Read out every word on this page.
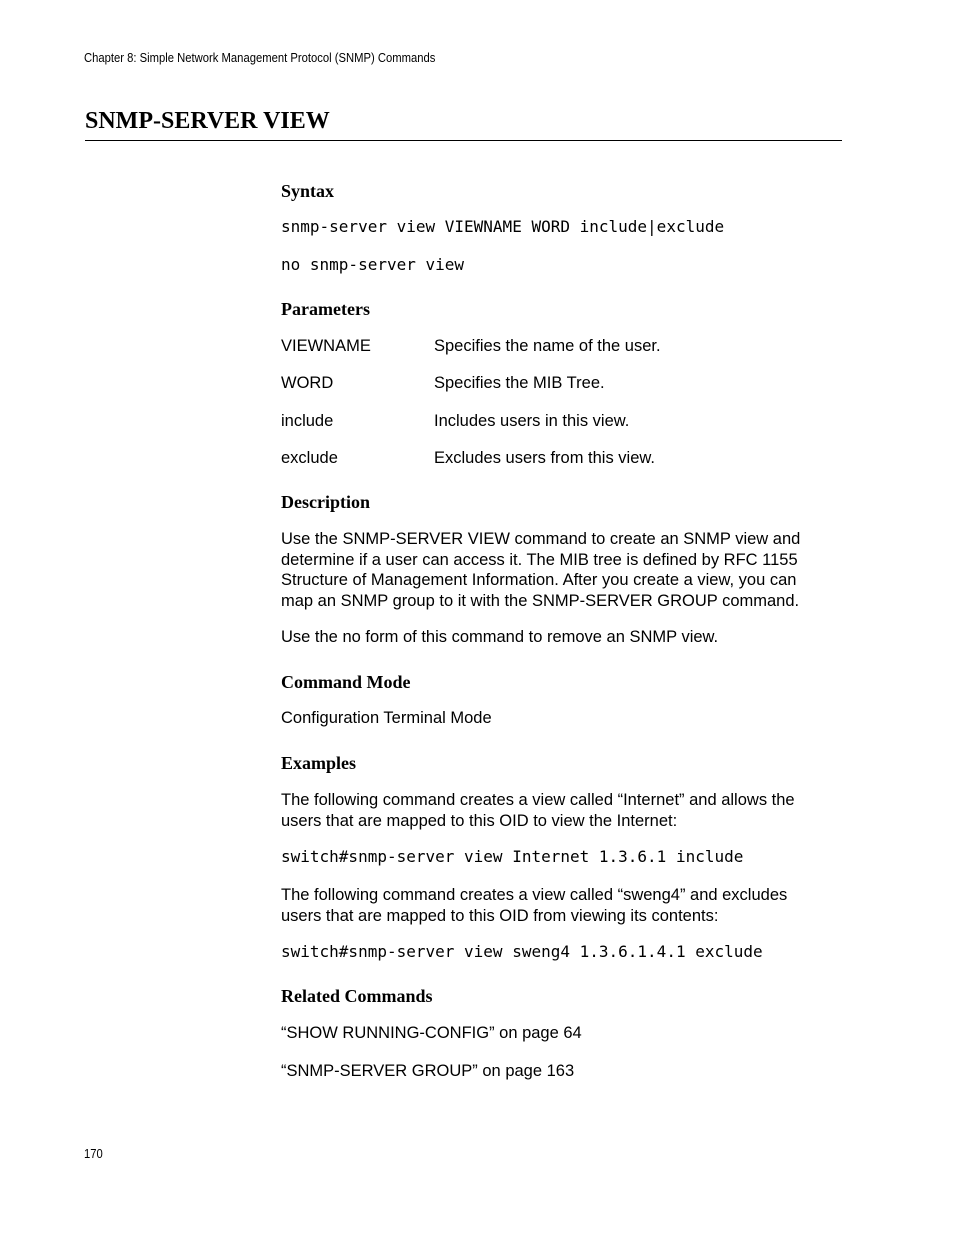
Chapter 8: Simple Network Management Protocol (SNMP) Commands
SNMP-SERVER VIEW
Syntax
snmp-server view VIEWNAME WORD include|exclude
no snmp-server view
Parameters
VIEWNAME	Specifies the name of the user.
WORD	Specifies the MIB Tree.
include	Includes users in this view.
exclude	Excludes users from this view.
Description

Use the SNMP-SERVER VIEW command to create an SNMP view and determine if a user can access it. The MIB tree is defined by RFC 1155 Structure of Management Information. After you create a view, you can map an SNMP group to it with the SNMP-SERVER GROUP command.

Use the no form of this command to remove an SNMP view.

Command Mode

Configuration Terminal Mode

Examples

The following command creates a view called “Internet” and allows the users that are mapped to this OID to view the Internet:

switch#snmp-server view Internet 1.3.6.1 include

The following command creates a view called “sweng4” and excludes users that are mapped to this OID from viewing its contents:

switch#snmp-server view sweng4 1.3.6.1.4.1 exclude
Related Commands

“SHOW RUNNING-CONFIG” on page 64

“SNMP-SERVER GROUP” on page 163

170
